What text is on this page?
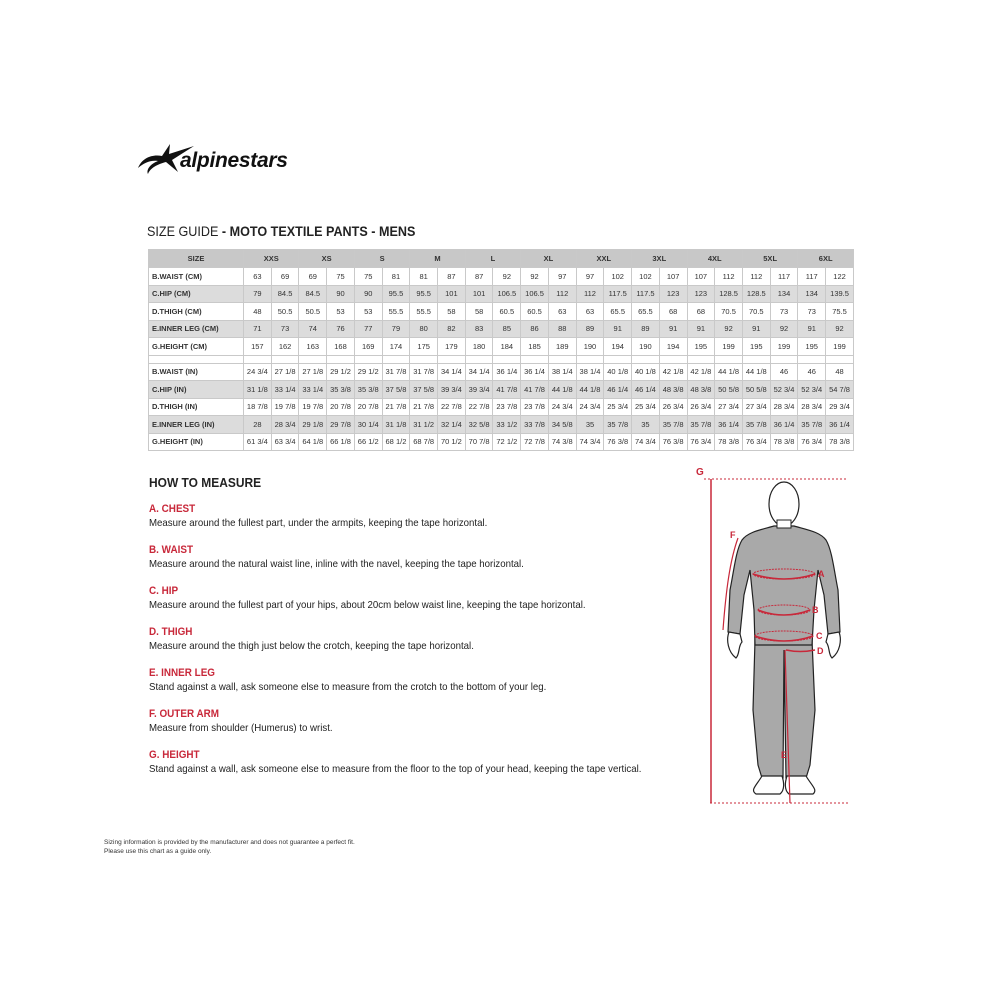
alpinestars
SIZE GUIDE - MOTO TEXTILE PANTS - MENS
SIZE	XXS		XS		S		M		L		XL		XXL		3XL		4XL		5XL		6XL	
B.WAIST (CM)	63	69	69	75	75	81	81	87	87	92	92	97	97	102	102	107	107	112	112	117	117	122
C.HIP (CM)	79	84.5	84.5	90	90	95.5	95.5	101	101	106.5	106.5	112	112	117.5	117.5	123	123	128.5	128.5	134	134	139.5
D.THIGH (CM)	48	50.5	50.5	53	53	55.5	55.5	58	58	60.5	60.5	63	63	65.5	65.5	68	68	70.5	70.5	73	73	75.5
E.INNER LEG (CM)	71	73	74	76	77	79	80	82	83	85	86	88	89	91	89	91	91	92	91	92	91	92
G.HEIGHT (CM)	157	162	163	168	169	174	175	179	180	184	185	189	190	194	190	194	195	199	195	199	195	199

B.WAIST (IN)	24 3/4	27 1/8	27 1/8	29 1/2	29 1/2	31 7/8	31 7/8	34 1/4	34 1/4	36 1/4	36 1/4	38 1/4	38 1/4	40 1/8	40 1/8	42 1/8	42 1/8	44 1/8	44 1/8	46	46	48
C.HIP (IN)	31 1/8	33 1/4	33 1/4	35 3/8	35 3/8	37 5/8	37 5/8	39 3/4	39 3/4	41 7/8	41 7/8	44 1/8	44 1/8	46 1/4	46 1/4	48 3/8	48 3/8	50 5/8	50 5/8	52 3/4	52 3/4	54 7/8
D.THIGH (IN)	18 7/8	19 7/8	19 7/8	20 7/8	20 7/8	21 7/8	21 7/8	22 7/8	22 7/8	23 7/8	23 7/8	24 3/4	24 3/4	25 3/4	25 3/4	26 3/4	26 3/4	27 3/4	27 3/4	28 3/4	28 3/4	29 3/4
E.INNER LEG (IN)	28	28 3/4	29 1/8	29 7/8	30 1/4	31 1/8	31 1/2	32 1/4	32 5/8	33 1/2	33 7/8	34 5/8	35	35 7/8	35	35 7/8	35 7/8	36 1/4	35 7/8	36 1/4	35 7/8	36 1/4
G.HEIGHT (IN)	61 3/4	63 3/4	64 1/8	66 1/8	66 1/2	68 1/2	68 7/8	70 1/2	70 7/8	72 1/2	72 7/8	74 3/8	74 3/4	76 3/8	74 3/4	76 3/8	76 3/4	78 3/8	76 3/4	78 3/8	76 3/4	78 3/8
HOW TO MEASURE
A. CHEST
Measure around the fullest part, under the armpits, keeping the tape horizontal.
B. WAIST
Measure around the natural waist line, inline with the navel, keeping the tape horizontal.
C. HIP
Measure around the fullest part of your hips, about 20cm below waist line, keeping the tape horizontal.
D. THIGH
Measure around the thigh just below the crotch, keeping the tape horizontal.
E. INNER LEG
Stand against a wall, ask someone else to measure from the crotch to the bottom of your leg.
F. OUTER ARM
Measure from shoulder (Humerus) to wrist.
G. HEIGHT
Stand against a wall, ask someone else to measure from the floor to the top of your head, keeping the tape vertical.
G
F
A
B
C
D
E
Sizing information is provided by the manufacturer and does not guarantee a perfect fit.
Please use this chart as a guide only.
